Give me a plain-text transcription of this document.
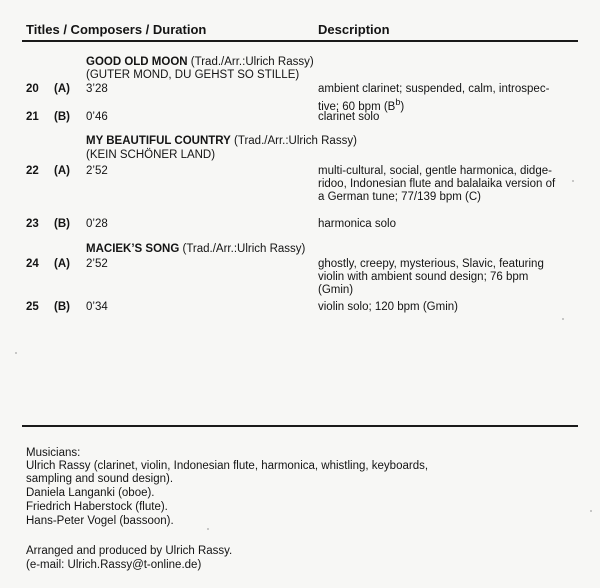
Titles / Composers / Duration	Description
GOOD OLD MOON (Trad./Arr.:Ulrich Rassy)
(GUTER MOND, DU GEHST SO STILLE)
20 (A) 3’28	ambient clarinet; suspended, calm, introspec-
tive; 60 bpm $(B^b)$
21 (B) 0’46	clarinet solo
MY BEAUTIFUL COUNTRY (Trad./Arr.:Ulrich Rassy)
(KEIN SCHÖNER LAND)
22 (A) 2’52	multi-cultural, social, gentle harmonica, didge-
ridoo, Indonesian flute and balalaika version of
a German tune; 77/139 bpm (C)
23 (B) 0’28	harmonica solo
MACIEK’S SONG (Trad./Arr.:Ulrich Rassy)
24 (A) 2’52	ghostly, creepy, mysterious, Slavic, featuring
violin with ambient sound design; 76 bpm
(Gmin)
25 (B) 0’34	violin solo; 120 bpm (Gmin)
Musicians:
Ulrich Rassy (clarinet, violin, Indonesian flute, harmonica, whistling, keyboards,
sampling and sound design).
Daniela Langanki (oboe).
Friedrich Haberstock (flute).
Hans-Peter Vogel (bassoon).
Arranged and produced by Ulrich Rassy.
(e-mail: Ulrich.Rassy@t-online.de)
